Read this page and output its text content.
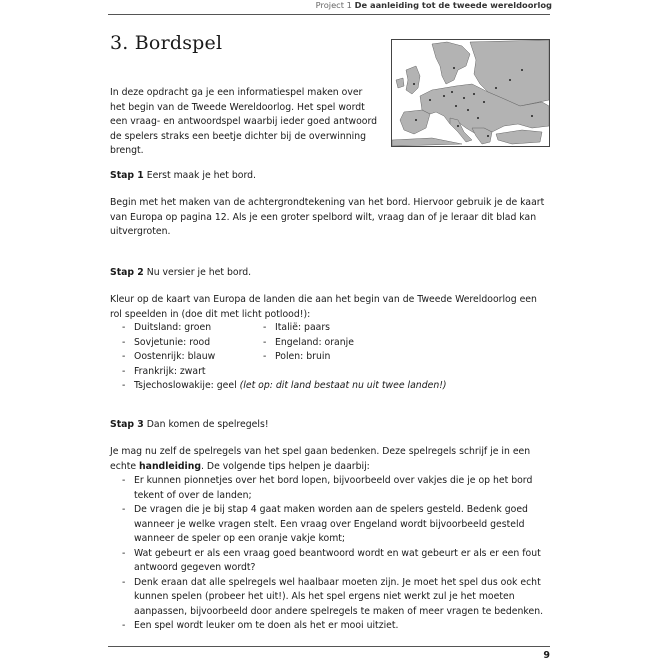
Project 1 De aanleiding tot de tweede wereldoorlog
3. Bordspel

In deze opdracht ga je een informatiespel maken over het begin van de Tweede Wereldoorlog. Het spel wordt een vraag- en antwoordspel waarbij ieder goed antwoord de spelers straks een beetje dichter bij de overwinning brengt.

Stap 1 Eerst maak je het bord.

Begin met het maken van de achtergrondtekening van het bord. Hiervoor gebruik je de kaart van Europa op pagina 12. Als je een groter spelbord wilt, vraag dan of je leraar dit blad kan uitvergroten.

Stap 2 Nu versier je het bord.

Kleur op de kaart van Europa de landen die aan het begin van de Tweede Wereldoorlog een rol speelden in (doe dit met licht potlood!):

- Duitsland: groen	- Italië: paars
- Sovjetunie: rood	- Engeland: oranje
- Oostenrijk: blauw	- Polen: bruin
- Frankrijk: zwart
- Tsjechoslowakije: geel (let op: dit land bestaat nu uit twee landen!)
Stap 3 Dan komen de spelregels!

Je mag nu zelf de spelregels van het spel gaan bedenken. Deze spelregels schrijf je in een echte handleiding. De volgende tips helpen je daarbij:

- Er kunnen pionnetjes over het bord lopen, bijvoorbeeld over vakjes die je op het bord tekent of over de landen;
- De vragen die je bij stap 4 gaat maken worden aan de spelers gesteld. Bedenk goed wanneer je welke vragen stelt. Een vraag over Engeland wordt bijvoorbeeld gesteld wanneer de speler op een oranje vakje komt;
- Wat gebeurt er als een vraag goed beantwoord wordt en wat gebeurt er als er een fout antwoord gegeven wordt?
- Denk eraan dat alle spelregels wel haalbaar moeten zijn. Je moet het spel dus ook echt kunnen spelen (probeer het uit!). Als het spel ergens niet werkt zul je het moeten aanpassen, bijvoorbeeld door andere spelregels te maken of meer vragen te bedenken.
- Een spel wordt leuker om te doen als het er mooi uitziet.
9
